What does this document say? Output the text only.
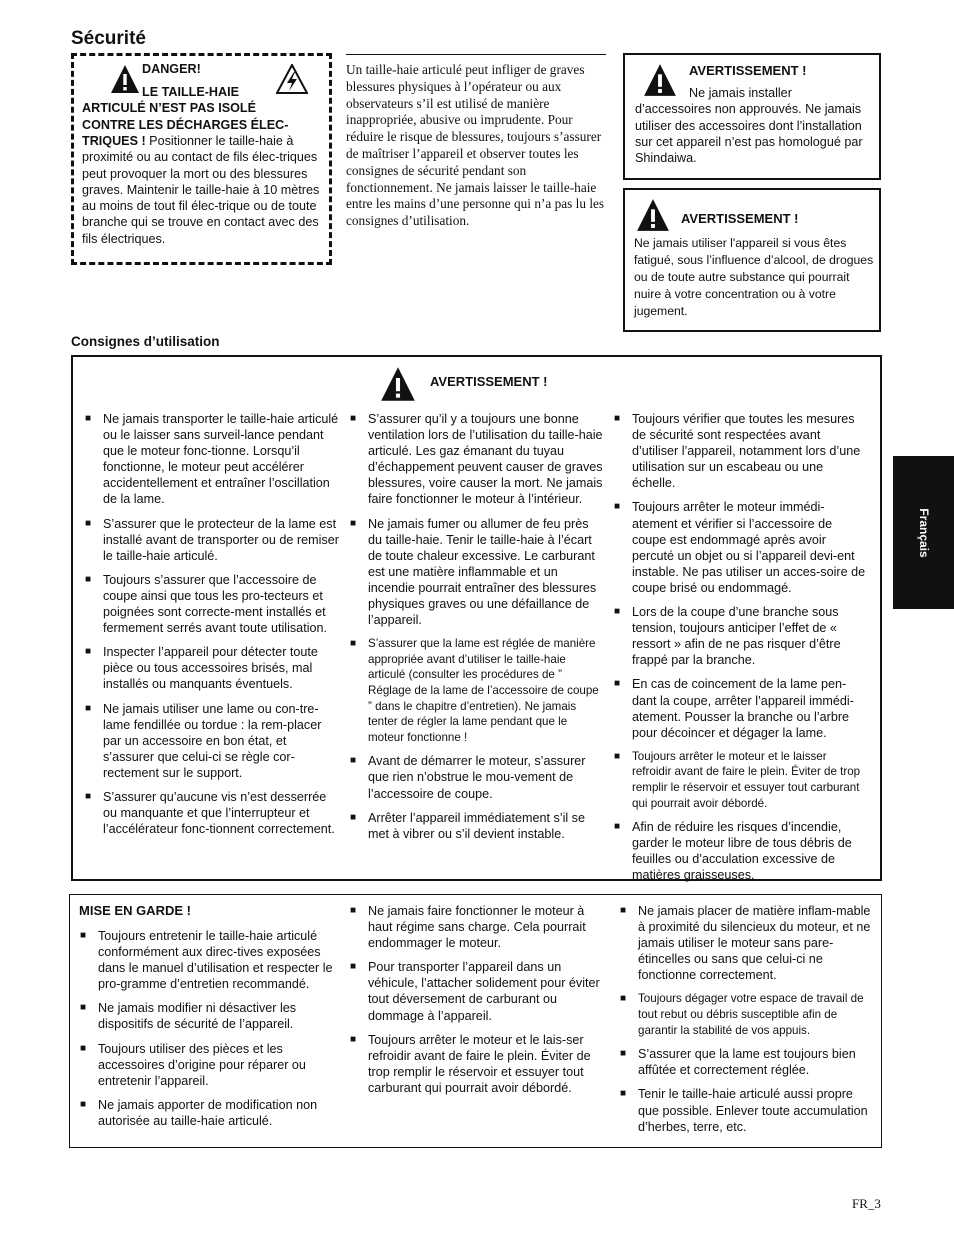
Sécurité
DANGER!
LE TAILLE-HAIE
ARTICULÉ N’EST PAS ISOLÉ
CONTRE LES DÉCHARGES ÉLEC-
TRIQUES ! Positionner le taille-haie à proximité ou au contact de fils élec-triques peut provoquer la mort ou des blessures graves. Maintenir le taille-haie à 10 mètres au moins de tout fil élec-trique ou de toute branche qui se trouve en contact avec des fils électriques.
Un taille-haie articulé peut infliger de graves blessures physiques à l’opérateur ou aux observateurs s’il est utilisé de manière inappropriée, abusive ou imprudente. Pour réduire le risque de blessures, toujours s’assurer de maîtriser l’appareil et observer toutes les consignes de sécurité pendant son fonctionnement. Ne jamais laisser le taille-haie entre les mains d’une personne qui n’a pas lu les consignes d’utilisation.
AVERTISSEMENT !
Ne jamais installer d’accessoires non approuvés. Ne jamais utiliser des accessoires dont l’installation sur cet appareil n’est pas homologué par Shindaiwa.
AVERTISSEMENT !
Ne jamais utiliser l'appareil si vous êtes fatigué, sous l’influence d’alcool, de drogues ou de toute autre substance qui pourrait nuire à votre concentration ou à votre jugement.
Consignes d’utilisation
AVERTISSEMENT !
■ Ne jamais transporter le taille-haie articulé ou le laisser sans surveil-lance pendant que le moteur fonc-tionne. Lorsqu’il fonctionne, le moteur peut accélérer accidentellement et entraîner l’oscillation de la lame.
■ S’assurer que le protecteur de la lame est installé avant de transporter ou de remiser le taille-haie articulé.
■ Toujours s’assurer que l’accessoire de coupe ainsi que tous les pro-tecteurs et poignées sont correcte-ment installés et fermement serrés avant toute utilisation.
■ Inspecter l’appareil pour détecter toute pièce ou tous accessoires brisés, mal installés ou manquants éventuels.
■ Ne jamais utiliser une lame ou con-tre-lame fendillée ou tordue : la rem-placer par un accessoire en bon état, et s’assurer que celui-ci se règle cor-rectement sur le support.
■ S’assurer qu’aucune vis n’est desserrée ou manquante et que l’interrupteur et l’accélérateur fonc-tionnent correctement.
■ S’assurer qu’il y a toujours une bonne ventilation lors de l’utilisation du taille-haie articulé. Les gaz émanant du tuyau d’échappement peuvent causer de graves blessures, voire causer la mort. Ne jamais faire fonctionner le moteur à l’intérieur.
■ Ne jamais fumer ou allumer de feu près du taille-haie. Tenir le taille-haie à l’écart de toute chaleur excessive. Le carburant est une matière inflammable et un incendie pourrait entraîner des blessures physiques graves ou une défaillance de l’appareil.
■ S’assurer que la lame est réglée de manière appropriée avant d’utiliser le taille-haie articulé (consulter les procédures de ” Réglage de la lame de l’accessoire de coupe ” dans le chapitre d’entretien). Ne jamais tenter de régler la lame pendant que le moteur fonctionne !
■ Avant de démarrer le moteur, s’assurer que rien n’obstrue le mou-vement de l’accessoire de coupe.
■ Arrêter l’appareil immédiatement s’il se met à vibrer ou s’il devient instable.
■ Toujours vérifier que toutes les mesures de sécurité sont respectées avant d’utiliser l’appareil, notamment lors d’une utilisation sur un escabeau ou une échelle.
■ Toujours arrêter le moteur immédi-atement et vérifier si l’accessoire de coupe est endommagé après avoir percuté un objet ou si l’appareil devi-ent instable. Ne pas utiliser un acces-soire de coupe brisé ou endommagé.
■ Lors de la coupe d’une branche sous tension, toujours anticiper l’effet de « ressort » afin de ne pas risquer d’être frappé par la branche.
■ En cas de coincement de la lame pen-dant la coupe, arrêter l’appareil immédi-atement. Pousser la branche ou l’arbre pour décoincer et dégager la lame.
■ Toujours arrêter le moteur et le laisser refroidir avant de faire le plein. Éviter de trop remplir le réservoir et essuyer tout carburant qui pourrait avoir débordé.
■ Afin de réduire les risques d’incendie, garder le moteur libre de tous débris de feuilles ou d’acculation excessive de matières graisseuses.
MISE EN GARDE !
■ Toujours entretenir le taille-haie articulé conformément aux direc-tives exposées dans le manuel d’utilisation et respecter le pro-gramme d’entretien recommandé.
■ Ne jamais modifier ni désactiver les dispositifs de sécurité de l’appareil.
■ Toujours utiliser des pièces et les accessoires d’origine pour réparer ou entretenir l’appareil.
■ Ne jamais apporter de modification non autorisée au taille-haie articulé.
■ Ne jamais faire fonctionner le moteur à haut régime sans charge. Cela pourrait endommager le moteur.
■ Pour transporter l’appareil dans un véhicule, l’attacher solidement pour éviter tout déversement de carburant ou dommage à l’appareil.
■ Toujours arrêter le moteur et le lais-ser refroidir avant de faire le plein. Éviter de trop remplir le réservoir et essuyer tout carburant qui pourrait avoir débordé.
■ Ne jamais placer de matière inflam-mable à proximité du silencieux du moteur, et ne jamais utiliser le moteur sans pare-étincelles ou sans que celui-ci ne fonctionne correctement.
■ Toujours dégager votre espace de travail de tout rebut ou débris susceptible afin de garantir la stabilité de vos appuis.
■ S’assurer que la lame est toujours bien affûtée et correctement réglée.
■ Tenir le taille-haie articulé aussi propre que possible. Enlever toute accumulation d’herbes, terre, etc.
Français
FR_3
